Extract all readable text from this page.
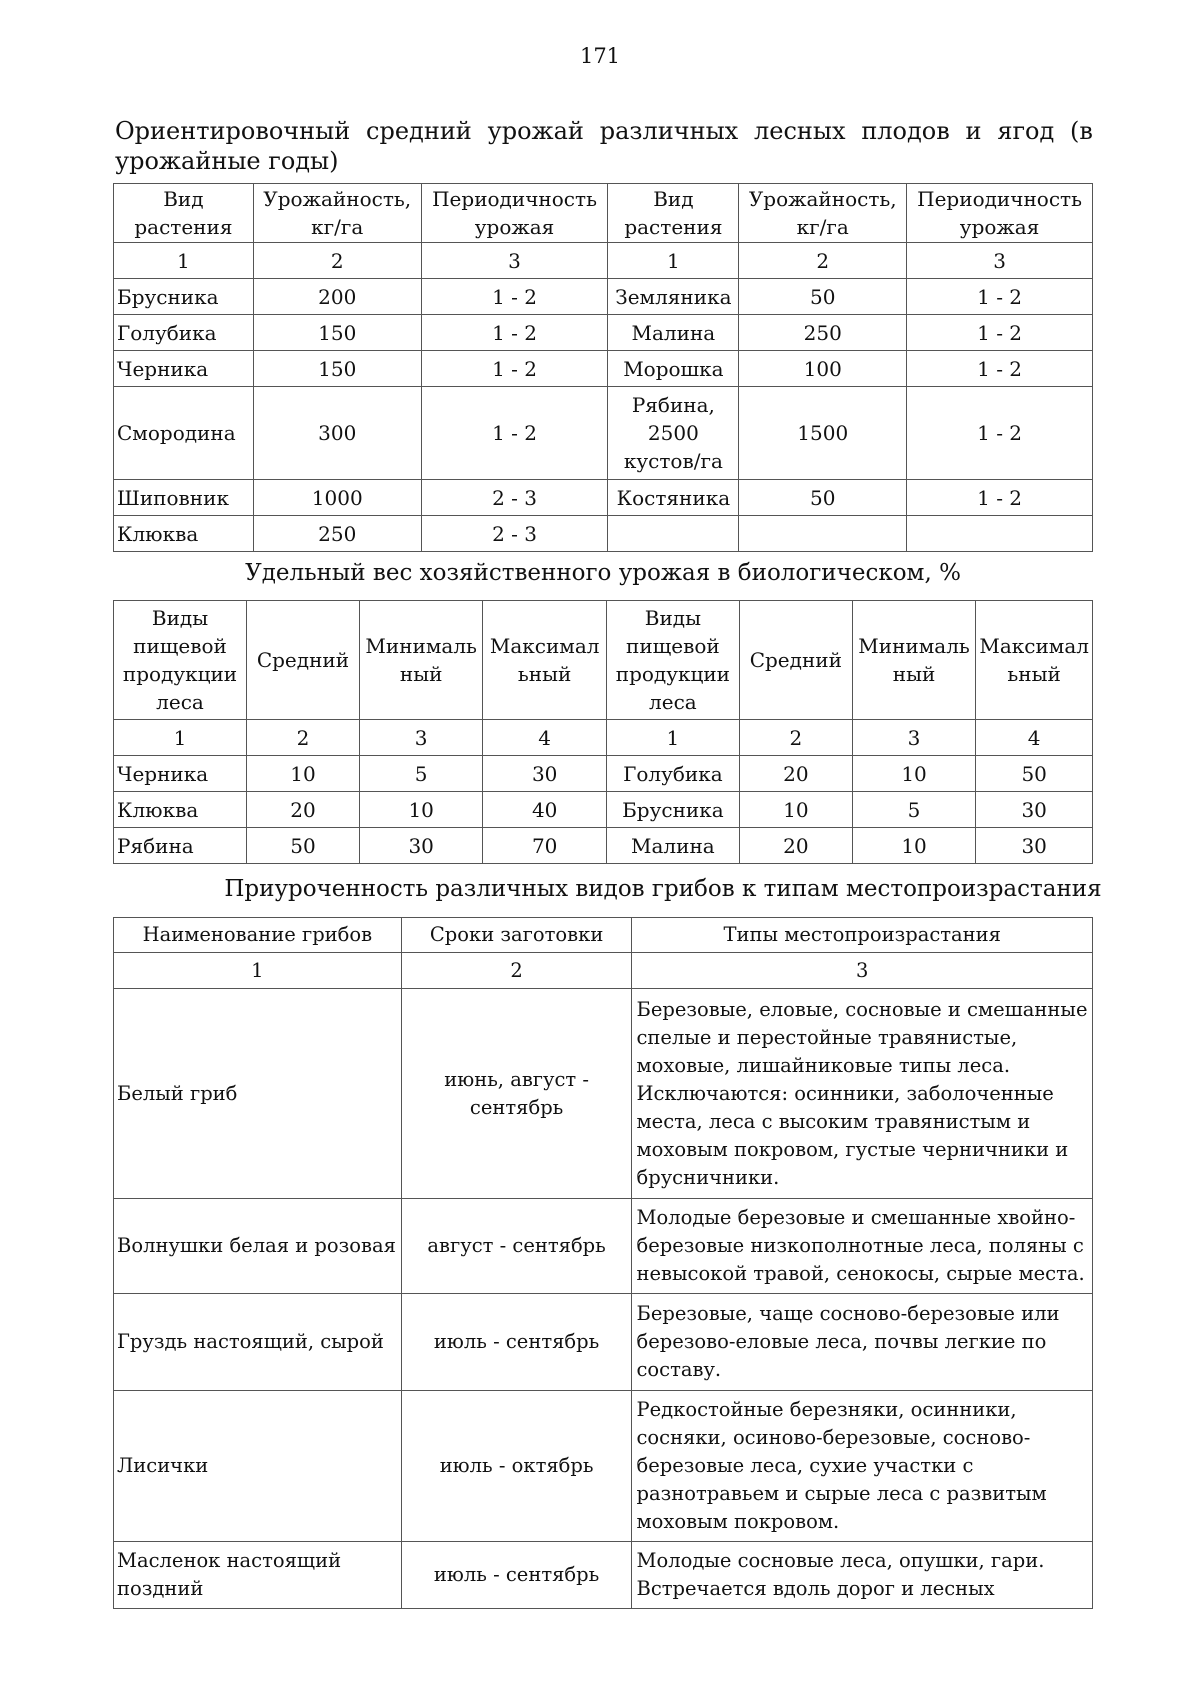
171
Ориентировочный средний урожай различных лесных плодов и ягод (в
урожайные годы)
Вид растения	Урожайность, кг/га	Периодичность урожая	Вид растения	Урожайность, кг/га	Периодичность урожая
1	2	3	1	2	3
Брусника	200	1 - 2	Земляника	50	1 - 2
Голубика	150	1 - 2	Малина	250	1 - 2
Черника	150	1 - 2	Морошка	100	1 - 2
Смородина	300	1 - 2	Рябина, 2500 кустов/га	1500	1 - 2
Шиповник	1000	2 - 3	Костяника	50	1 - 2
Клюква	250	2 - 3			
Удельный вес хозяйственного урожая в биологическом, %
Виды пищевой продукции леса	Средний	Минималь ный	Максимал ьный	Виды пищевой продукции леса	Средний	Минималь ный	Максимал ьный
1	2	3	4	1	2	3	4
Черника	10	5	30	Голубика	20	10	50
Клюква	20	10	40	Брусника	10	5	30
Рябина	50	30	70	Малина	20	10	30
Приуроченность различных видов грибов к типам местопроизрастания
Наименование грибов	Сроки заготовки	Типы местопроизрастания
1	2	3
Белый гриб	июнь, август - сентябрь	Березовые, еловые, сосновые и смешанные спелые и перестойные травянистые, моховые, лишайниковые типы леса. Исключаются: осинники, заболоченные места, леса с высоким травянистым и моховым покровом, густые черничники и брусничники.
Волнушки белая и розовая	август - сентябрь	Молодые березовые и смешанные хвойно-березовые низкополнотные леса, поляны с невысокой травой, сенокосы, сырые места.
Груздь настоящий, сырой	июль - сентябрь	Березовые, чаще сосново-березовые или березово-еловые леса, почвы легкие по составу.
Лисички	июль - октябрь	Редкостойные березняки, осинники, сосняки, осиново-березовые, сосново-березовые леса, сухие участки с разнотравьем и сырые леса с развитым моховым покровом.
Масленок настоящий поздний	июль - сентябрь	Молодые сосновые леса, опушки, гари. Встречается вдоль дорог и лесных
